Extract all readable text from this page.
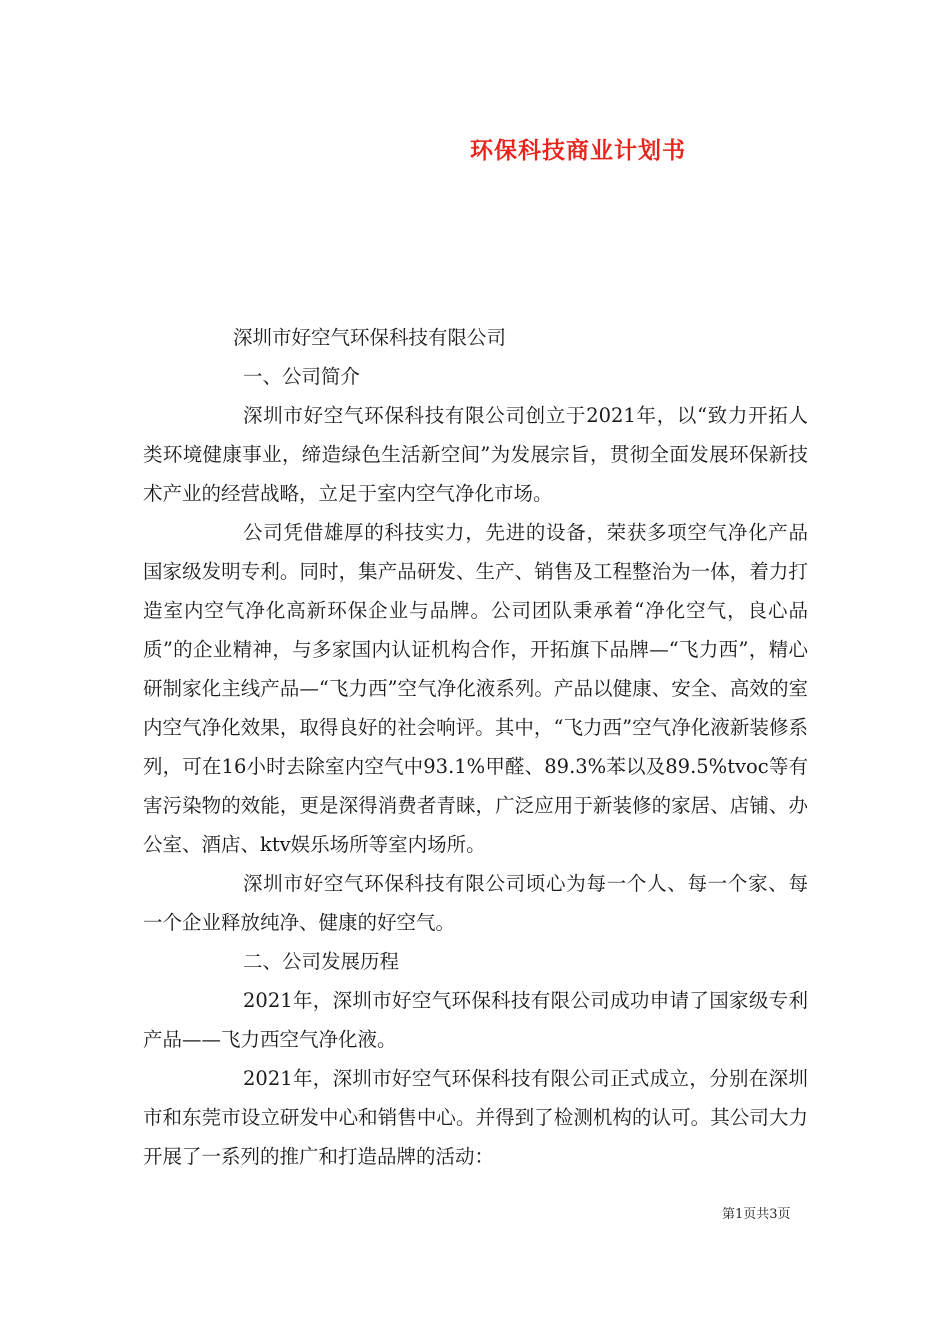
环保科技商业计划书

深圳市好空气环保科技有限公司

一、公司简介

深圳市好空气环保科技有限公司创立于2021年，以“致力开拓人类环境健康事业，缔造绿色生活新空间”为发展宗旨，贯彻全面发展环保新技术产业的经营战略，立足于室内空气净化市场。

公司凭借雄厚的科技实力，先进的设备，荣获多项空气净化产品国家级发明专利。同时，集产品研发、生产、销售及工程整治为一体，着力打造室内空气净化高新环保企业与品牌。公司团队秉承着“净化空气，良心品质”的企业精神，与多家国内认证机构合作，开拓旗下品牌—“飞力西”，精心研制家化主线产品—“飞力西”空气净化液系列。产品以健康、安全、高效的室内空气净化效果，取得良好的社会响评。其中，“飞力西”空气净化液新装修系列，可在16小时去除室内空气中93.1%甲醛、89.3%苯以及89.5%tvoc等有害污染物的效能，更是深得消费者青睐，广泛应用于新装修的家居、店铺、办公室、酒店、ktv娱乐场所等室内场所。

深圳市好空气环保科技有限公司顷心为每一个人、每一个家、每一个企业释放纯净、健康的好空气。

二、公司发展历程

2021年，深圳市好空气环保科技有限公司成功申请了国家级专利产品——飞力西空气净化液。

2021年，深圳市好空气环保科技有限公司正式成立，分别在深圳市和东莞市设立研发中心和销售中心。并得到了检测机构的认可。其公司大力开展了一系列的推广和打造品牌的活动：

第1页共3页
